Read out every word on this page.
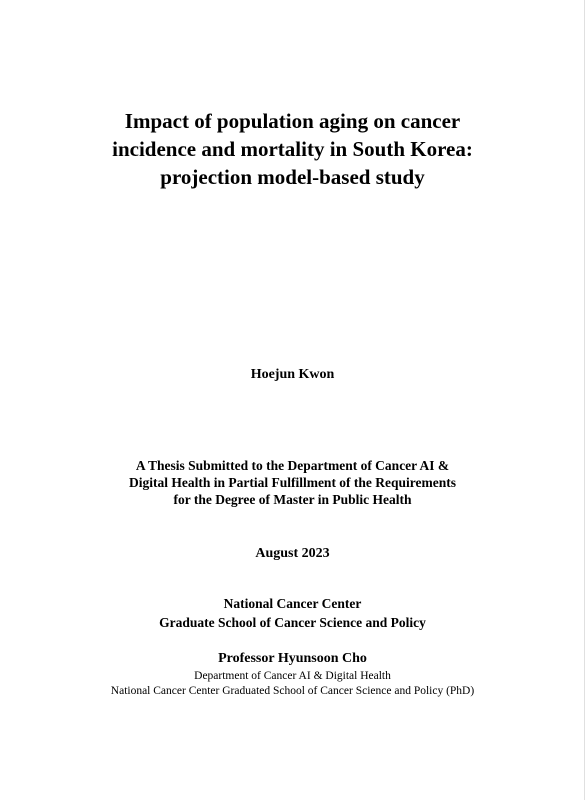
Impact of population aging on cancer
incidence and mortality in South Korea:
projection model-based study
Hoejun Kwon
A Thesis Submitted to the Department of Cancer AI &
Digital Health in Partial Fulfillment of the Requirements
for the Degree of Master in Public Health
August 2023
National Cancer Center
Graduate School of Cancer Science and Policy
Professor Hyunsoon Cho
Department of Cancer AI & Digital Health
National Cancer Center Graduated School of Cancer Science and Policy (PhD)
